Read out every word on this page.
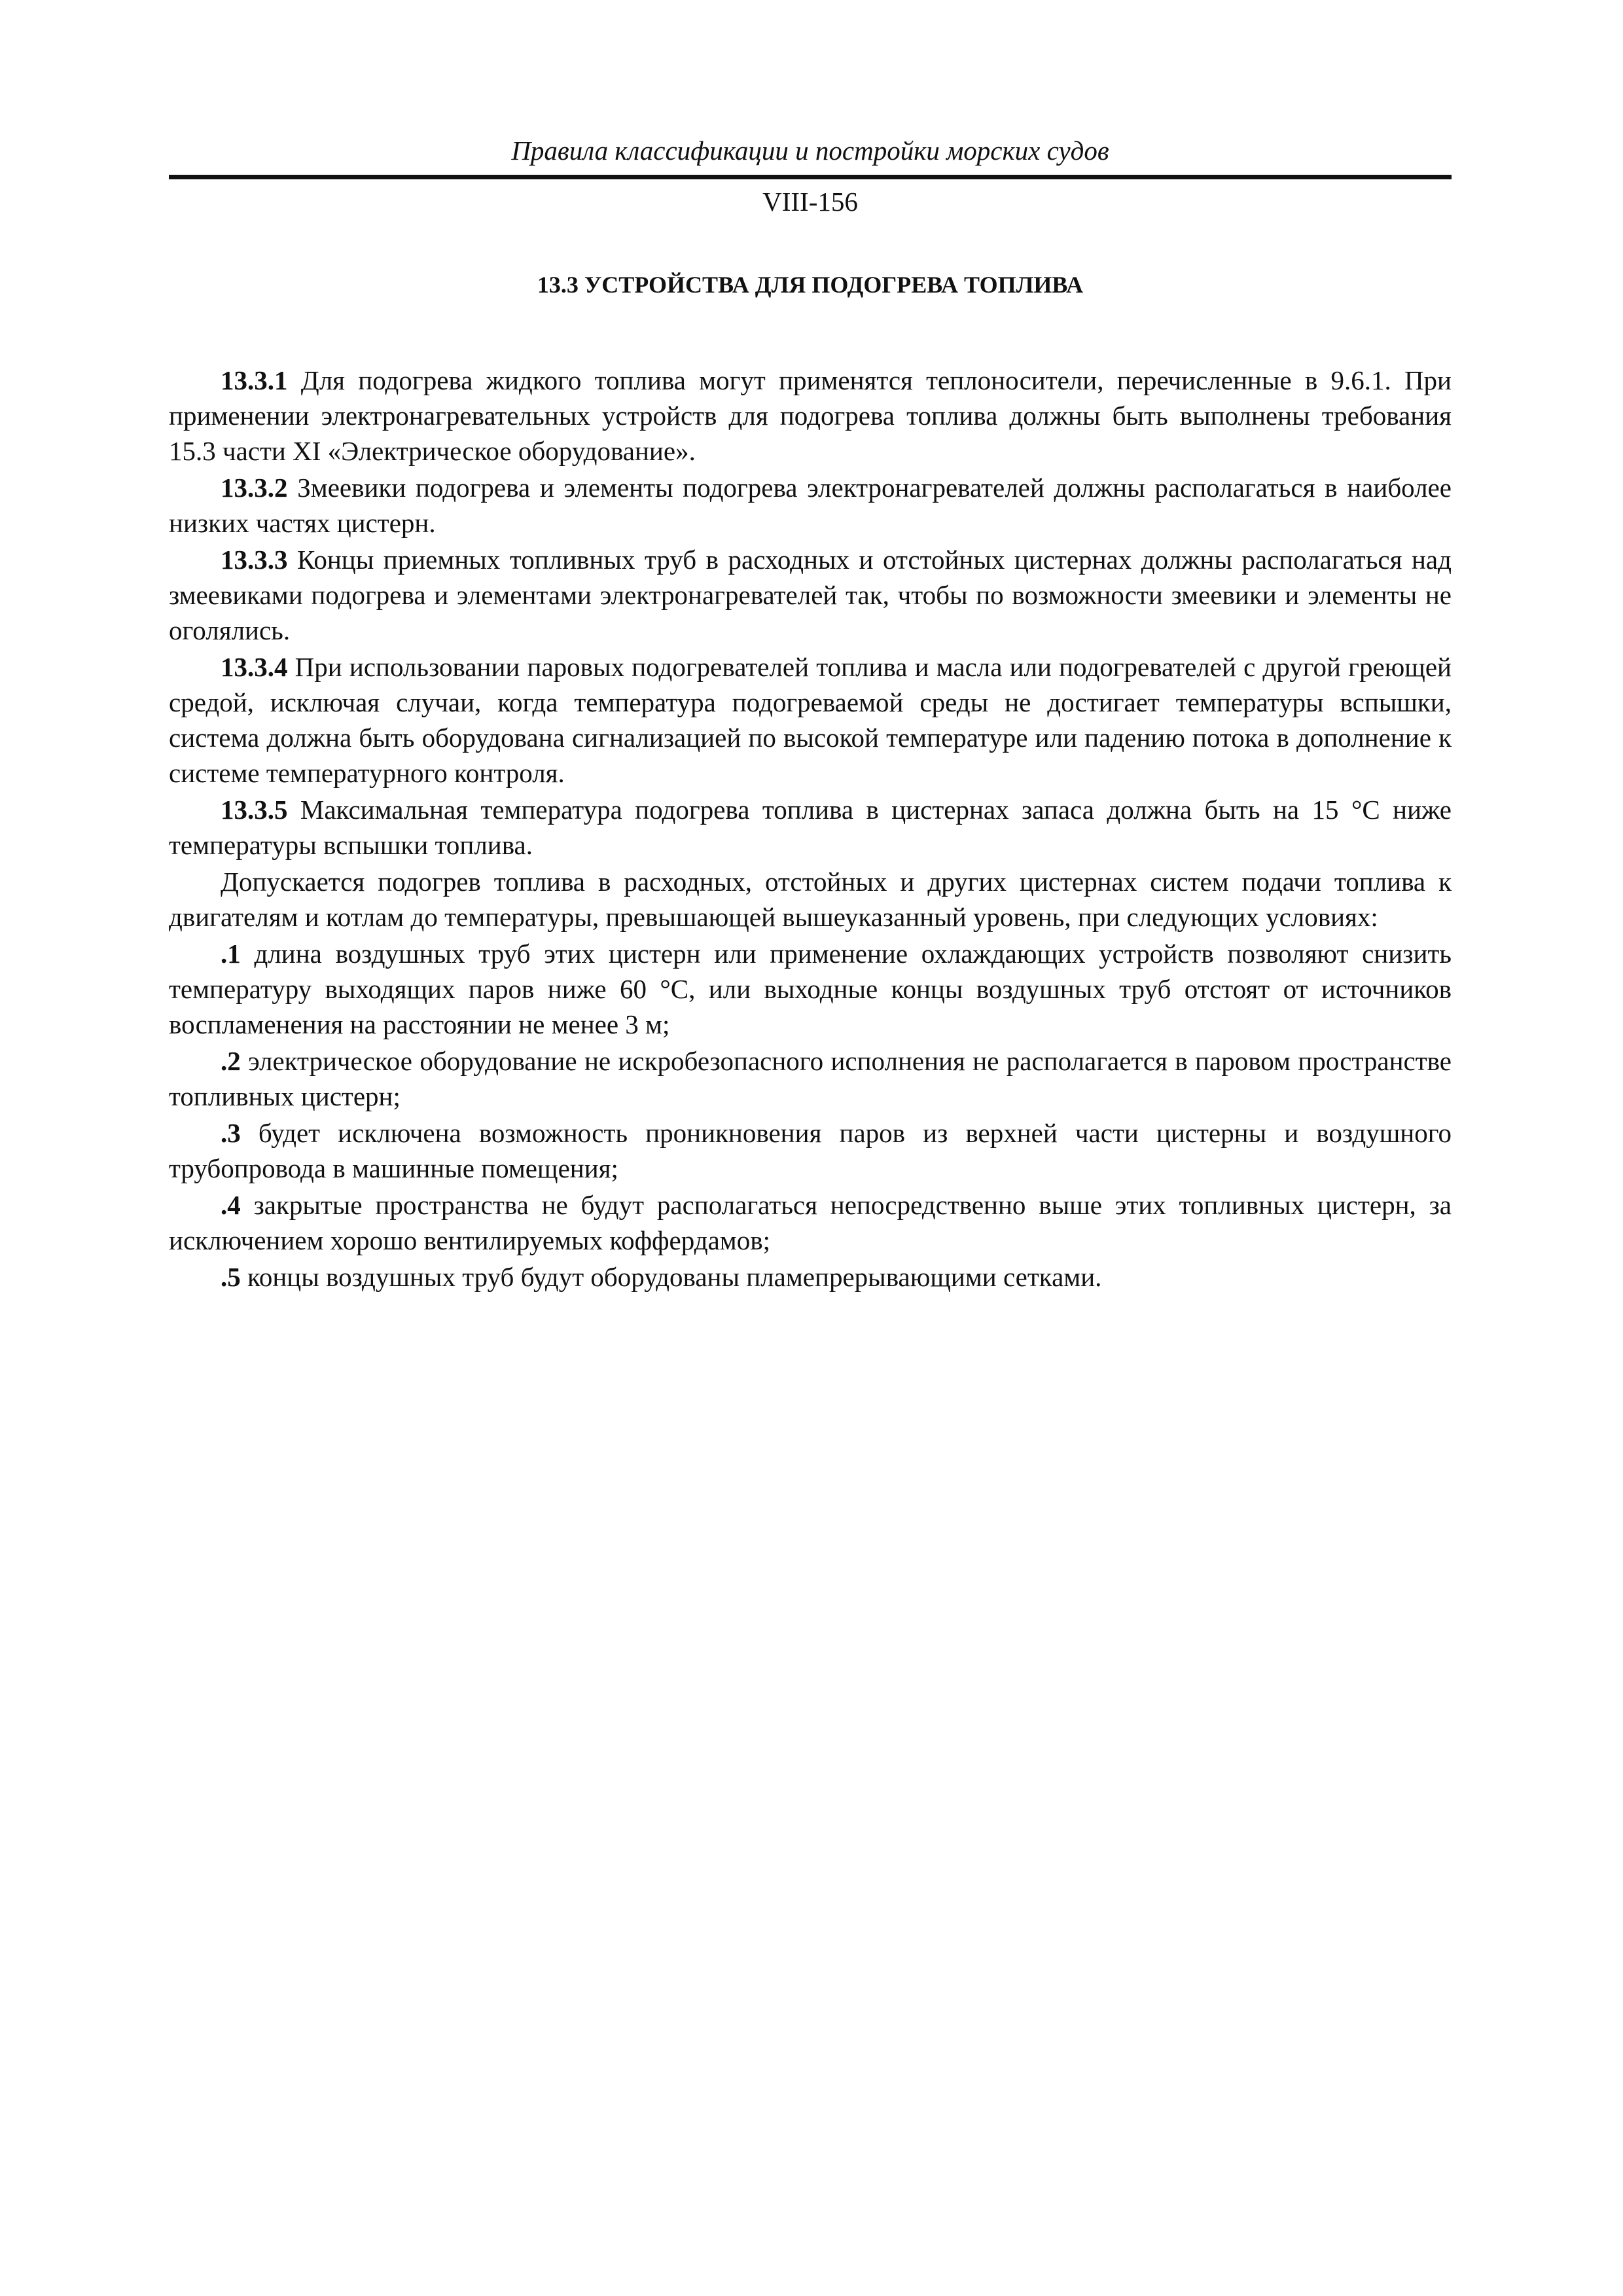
Правила классификации и постройки морских судов
VIII-156
13.3 УСТРОЙСТВА ДЛЯ ПОДОГРЕВА ТОПЛИВА

13.3.1 Для подогрева жидкого топлива могут применятся теплоносители, перечисленные в 9.6.1. При применении электронагревательных устройств для подогрева топлива должны быть выполнены требования 15.3 части XI «Электрическое оборудование».

13.3.2 Змеевики подогрева и элементы подогрева электронагревателей должны располагаться в наиболее низких частях цистерн.

13.3.3 Концы приемных топливных труб в расходных и отстойных цистернах должны располагаться над змеевиками подогрева и элементами электронагревателей так, чтобы по возможности змеевики и элементы не оголялись.

13.3.4 При использовании паровых подогревателей топлива и масла или подогревателей с другой греющей средой, исключая случаи, когда температура подогреваемой среды не достигает температуры вспышки, система должна быть оборудована сигнализацией по высокой температуре или падению потока в дополнение к системе температурного контроля.

13.3.5 Максимальная температура подогрева топлива в цистернах запаса должна быть на 15 °С ниже температуры вспышки топлива.

Допускается подогрев топлива в расходных, отстойных и других цистернах систем подачи топлива к двигателям и котлам до температуры, превышающей вышеуказанный уровень, при следующих условиях:

.1 длина воздушных труб этих цистерн или применение охлаждающих устройств позволяют снизить температуру выходящих паров ниже 60 °С, или выходные концы воздушных труб отстоят от источников воспламенения на расстоянии не менее 3 м;

.2 электрическое оборудование не искробезопасного исполнения не располагается в паровом пространстве топливных цистерн;

.3 будет исключена возможность проникновения паров из верхней части цистерны и воздушного трубопровода в машинные помещения;

.4 закрытые пространства не будут располагаться непосредственно выше этих топливных цистерн, за исключением хорошо вентилируемых коффердамов;

.5 концы воздушных труб будут оборудованы пламепрерывающими сетками.
